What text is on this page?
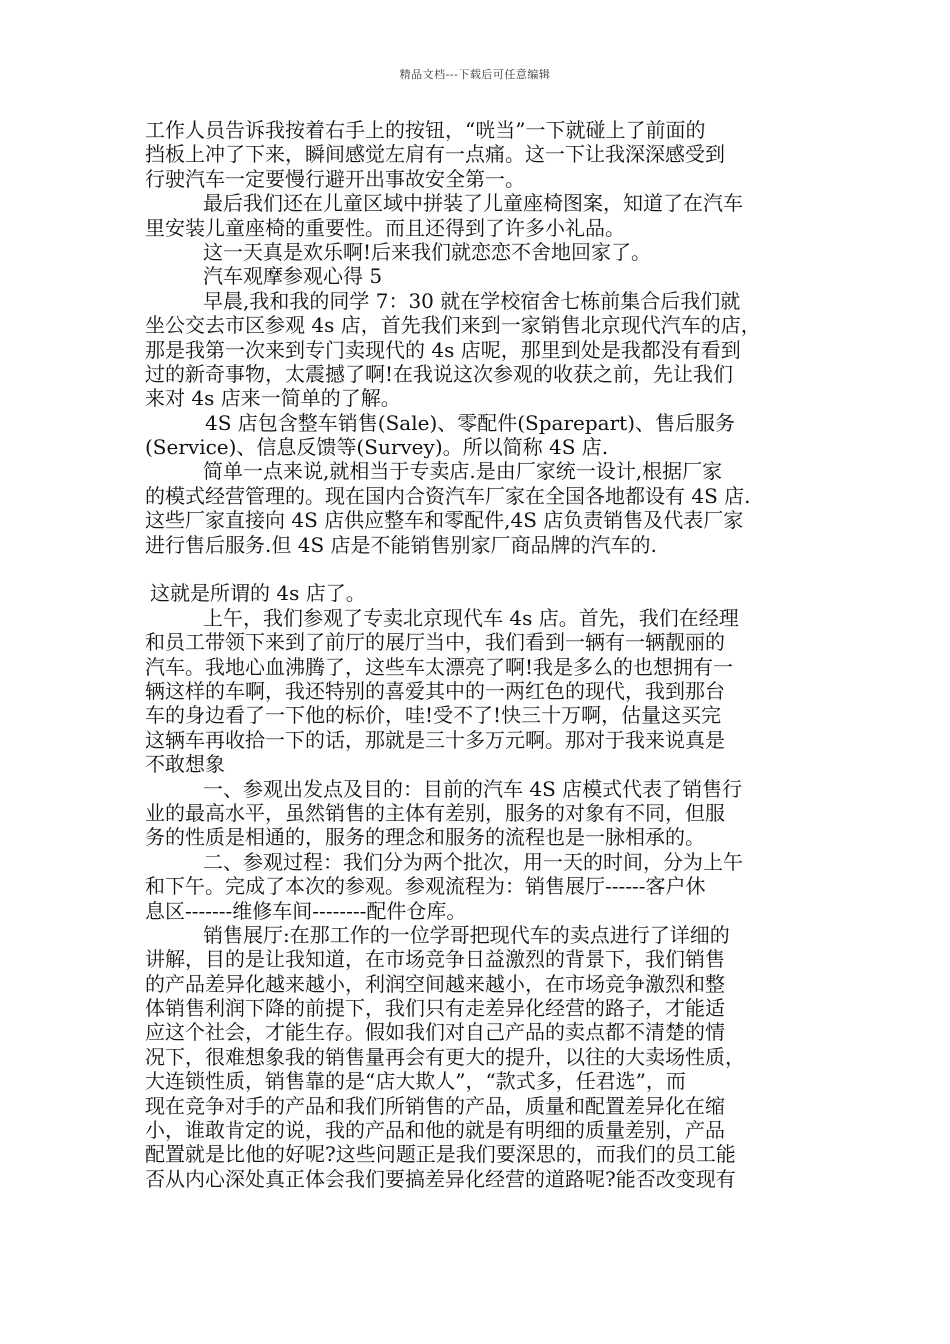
精品文档---下载后可任意编辑
工作人员告诉我按着右手上的按钮，“咣当”一下就碰上了前面的
挡板上冲了下来，瞬间感觉左肩有一点痛。这一下让我深深感受到
行驶汽车一定要慢行避开出事故安全第一。
最后我们还在儿童区域中拼装了儿童座椅图案，知道了在汽车
里安装儿童座椅的重要性。而且还得到了许多小礼品。
这一天真是欢乐啊!后来我们就恋恋不舍地回家了。
汽车观摩参观心得 5
早晨,我和我的同学 7：30 就在学校宿舍七栋前集合后我们就
坐公交去市区参观 4s 店，首先我们来到一家销售北京现代汽车的店，
那是我第一次来到专门卖现代的 4s 店呢，那里到处是我都没有看到
过的新奇事物，太震撼了啊!在我说这次参观的收获之前，先让我们
来对 4s 店来一简单的了解。
4S 店包含整车销售(Sale)、零配件(Sparepart)、售后服务
(Service)、信息反馈等(Survey)。所以简称 4S 店.
简单一点来说,就相当于专卖店.是由厂家统一设计,根据厂家
的模式经营管理的。现在国内合资汽车厂家在全国各地都设有 4S 店.
这些厂家直接向 4S 店供应整车和零配件,4S 店负责销售及代表厂家
进行售后服务.但 4S 店是不能销售别家厂商品牌的汽车的.
这就是所谓的 4s 店了。
上午，我们参观了专卖北京现代车 4s 店。首先，我们在经理
和员工带领下来到了前厅的展厅当中，我们看到一辆有一辆靓丽的
汽车。我地心血沸腾了，这些车太漂亮了啊!我是多么的也想拥有一
辆这样的车啊，我还特别的喜爱其中的一两红色的现代，我到那台
车的身边看了一下他的标价，哇!受不了!快三十万啊，估量这买完
这辆车再收拾一下的话，那就是三十多万元啊。那对于我来说真是
不敢想象
一、参观出发点及目的：目前的汽车 4S 店模式代表了销售行
业的最高水平，虽然销售的主体有差别，服务的对象有不同，但服
务的性质是相通的，服务的理念和服务的流程也是一脉相承的。
二、参观过程：我们分为两个批次，用一天的时间，分为上午
和下午。完成了本次的参观。参观流程为：销售展厅------客户休
息区-------维修车间--------配件仓库。
销售展厅:在那工作的一位学哥把现代车的卖点进行了详细的
讲解，目的是让我知道，在市场竞争日益激烈的背景下，我们销售
的产品差异化越来越小，利润空间越来越小，在市场竞争激烈和整
体销售利润下降的前提下，我们只有走差异化经营的路子，才能适
应这个社会，才能生存。假如我们对自己产品的卖点都不清楚的情
况下，很难想象我的销售量再会有更大的提升，以往的大卖场性质，
大连锁性质，销售靠的是“店大欺人”，“款式多，任君选”，而
现在竞争对手的产品和我们所销售的产品，质量和配置差异化在缩
小，谁敢肯定的说，我的产品和他的就是有明细的质量差别，产品
配置就是比他的好呢?这些问题正是我们要深思的，而我们的员工能
否从内心深处真正体会我们要搞差异化经营的道路呢?能否改变现有
